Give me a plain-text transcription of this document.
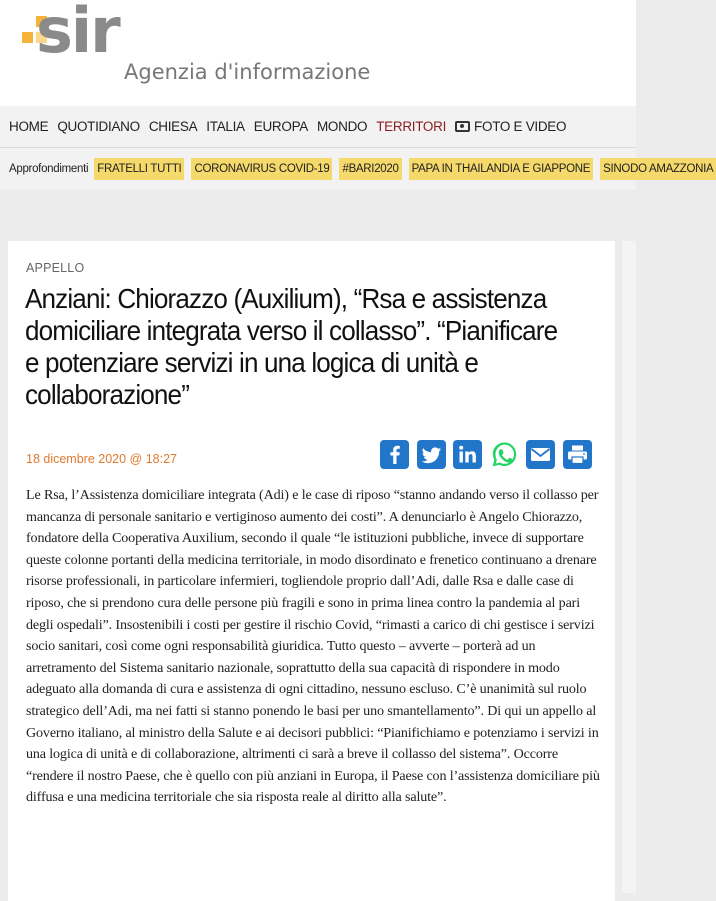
sir
Agenzia d'informazione
HOME QUOTIDIANO CHIESA ITALIA EUROPA MONDO TERRITORI FOTO E VIDEO
Approfondimenti FRATELLI TUTTI CORONAVIRUS COVID-19 #BARI2020 PAPA IN THAILANDIA E GIAPPONE SINODO AMAZZONIA
APPELLO
Anziani: Chiorazzo (Auxilium), “Rsa e assistenza domiciliare integrata verso il collasso”. “Pianificare e potenziare servizi in una logica di unità e collaborazione”
18 dicembre 2020 @ 18:27

Le Rsa, l’Assistenza domiciliare integrata (Adi) e le case di riposo “stanno andando verso il collasso per mancanza di personale sanitario e vertiginoso aumento dei costi”. A denunciarlo è Angelo Chiorazzo, fondatore della Cooperativa Auxilium, secondo il quale “le istituzioni pubbliche, invece di supportare queste colonne portanti della medicina territoriale, in modo disordinato e frenetico continuano a drenare risorse professionali, in particolare infermieri, togliendole proprio dall’Adi, dalle Rsa e dalle case di riposo, che si prendono cura delle persone più fragili e sono in prima linea contro la pandemia al pari degli ospedali”. Insostenibili i costi per gestire il rischio Covid, “rimasti a carico di chi gestisce i servizi socio sanitari, così come ogni responsabilità giuridica. Tutto questo – avverte – porterà ad un arretramento del Sistema sanitario nazionale, soprattutto della sua capacità di rispondere in modo adeguato alla domanda di cura e assistenza di ogni cittadino, nessuno escluso. C’è unanimità sul ruolo strategico dell’Adi, ma nei fatti si stanno ponendo le basi per uno smantellamento”. Di qui un appello al Governo italiano, al ministro della Salute e ai decisori pubblici: “Pianifichiamo e potenziamo i servizi in una logica di unità e di collaborazione, altrimenti ci sarà a breve il collasso del sistema”. Occorre “rendere il nostro Paese, che è quello con più anziani in Europa, il Paese con l’assistenza domiciliare più diffusa e una medicina territoriale che sia risposta reale al diritto alla salute”.
